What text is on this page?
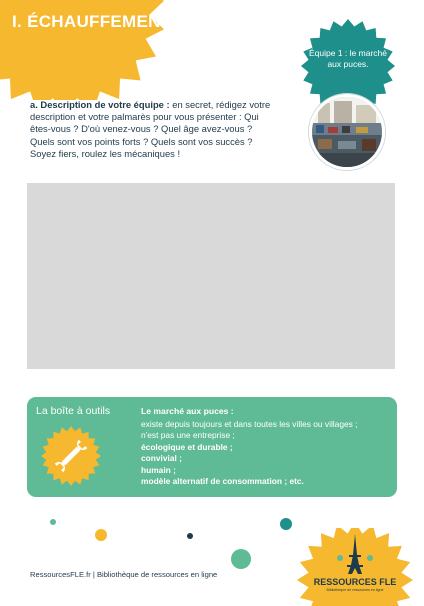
I. ÉCHAUFFEMENT
Équipe 1 : le marché aux puces.
a. Description de votre équipe : en secret, rédigez votre description et votre palmarès pour vous présenter : Qui êtes-vous ? D'où venez-vous ? Quel âge avez-vous ? Quels sont vos points forts ? Quels sont vos succès ? Soyez fiers, roulez les mécaniques !
La boîte à outils	Le marché aux puces :
existe depuis toujours et dans toutes les villes ou villages ;
n'est pas une entreprise ;
écologique et durable ;
convivial ;
humain ;
modèle alternatif de consommation ; etc.
RessourcesFLE.fr | Bibliothèque de ressources en ligne
RESSOURCES FLE
Bibliothèque de ressources en ligne
